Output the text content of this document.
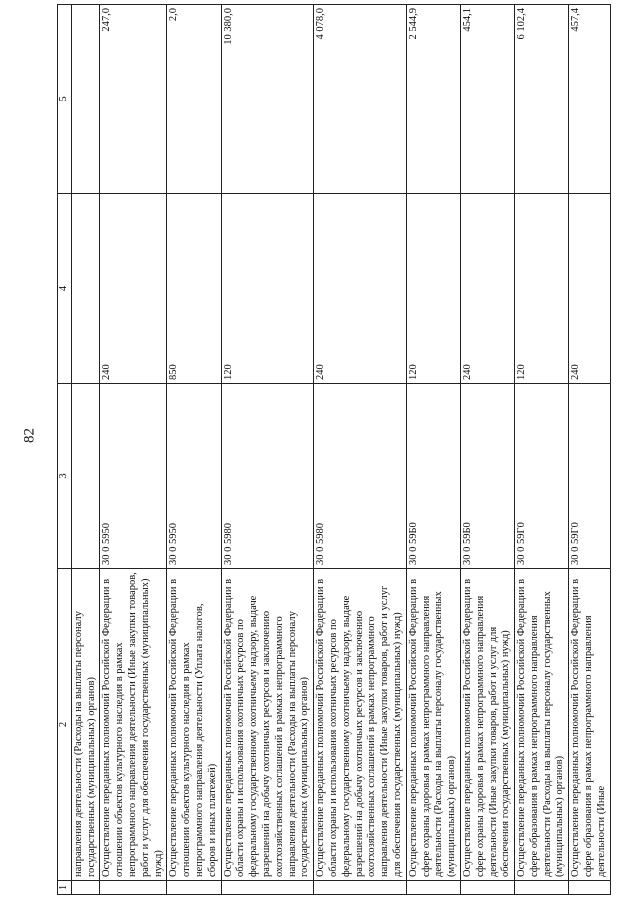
82
1	2	3	4	5
	направления деятельности (Расходы на выплаты персоналу государственных (муниципальных) органов)			
	Осуществление переданных полномочий Российской Федерации в отношении объектов культурного наследия в рамках непрограммного направления деятельности (Иные закупки товаров, работ и услуг для обеспечения государственных (муниципальных) нужд)	30 0 5950	240	247,0
	Осуществление переданных полномочий Российской Федерации в отношении объектов культурного наследия в рамках непрограммного направления деятельности (Уплата налогов, сборов и иных платежей)	30 0 5950	850	2,0
	Осуществление переданных полномочий Российской Федерации в области охраны и использования охотничьих ресурсов по федеральному государственному охотничьему надзору, выдаче разрешений на добычу охотничьих ресурсов и заключению охотхозяйственных соглашений в рамках непрограммного направления деятельности (Расходы на выплаты персоналу государственных (муниципальных) органов)	30 0 5980	120	10 380,0
	Осуществление переданных полномочий Российской Федерации в области охраны и использования охотничьих ресурсов по федеральному государственному охотничьему надзору, выдаче разрешений на добычу охотничьих ресурсов и заключению охотхозяйственных соглашений в рамках непрограммного направления деятельности (Иные закупки товаров, работ и услуг для обеспечения государственных (муниципальных) нужд)	30 0 5980	240	4 078,0
	Осуществление переданных полномочий Российской Федерации в сфере охраны здоровья в рамках непрограммного направления деятельности (Расходы на выплаты персоналу государственных (муниципальных) органов)	30 0 59Б0	120	2 544,9
	Осуществление переданных полномочий Российской Федерации в сфере охраны здоровья в рамках непрограммного направления деятельности (Иные закупки товаров, работ и услуг для обеспечения государственных (муниципальных) нужд)	30 0 59Б0	240	454,1
	Осуществление переданных полномочий Российской Федерации в сфере образования в рамках непрограммного направления деятельности (Расходы на выплаты персоналу государственных (муниципальных) органов)	30 0 59Г0	120	6 102,4
	Осуществление переданных полномочий Российской Федерации в сфере образования в рамках непрограммного направления деятельности (Иные	30 0 59Г0	240	457,4
